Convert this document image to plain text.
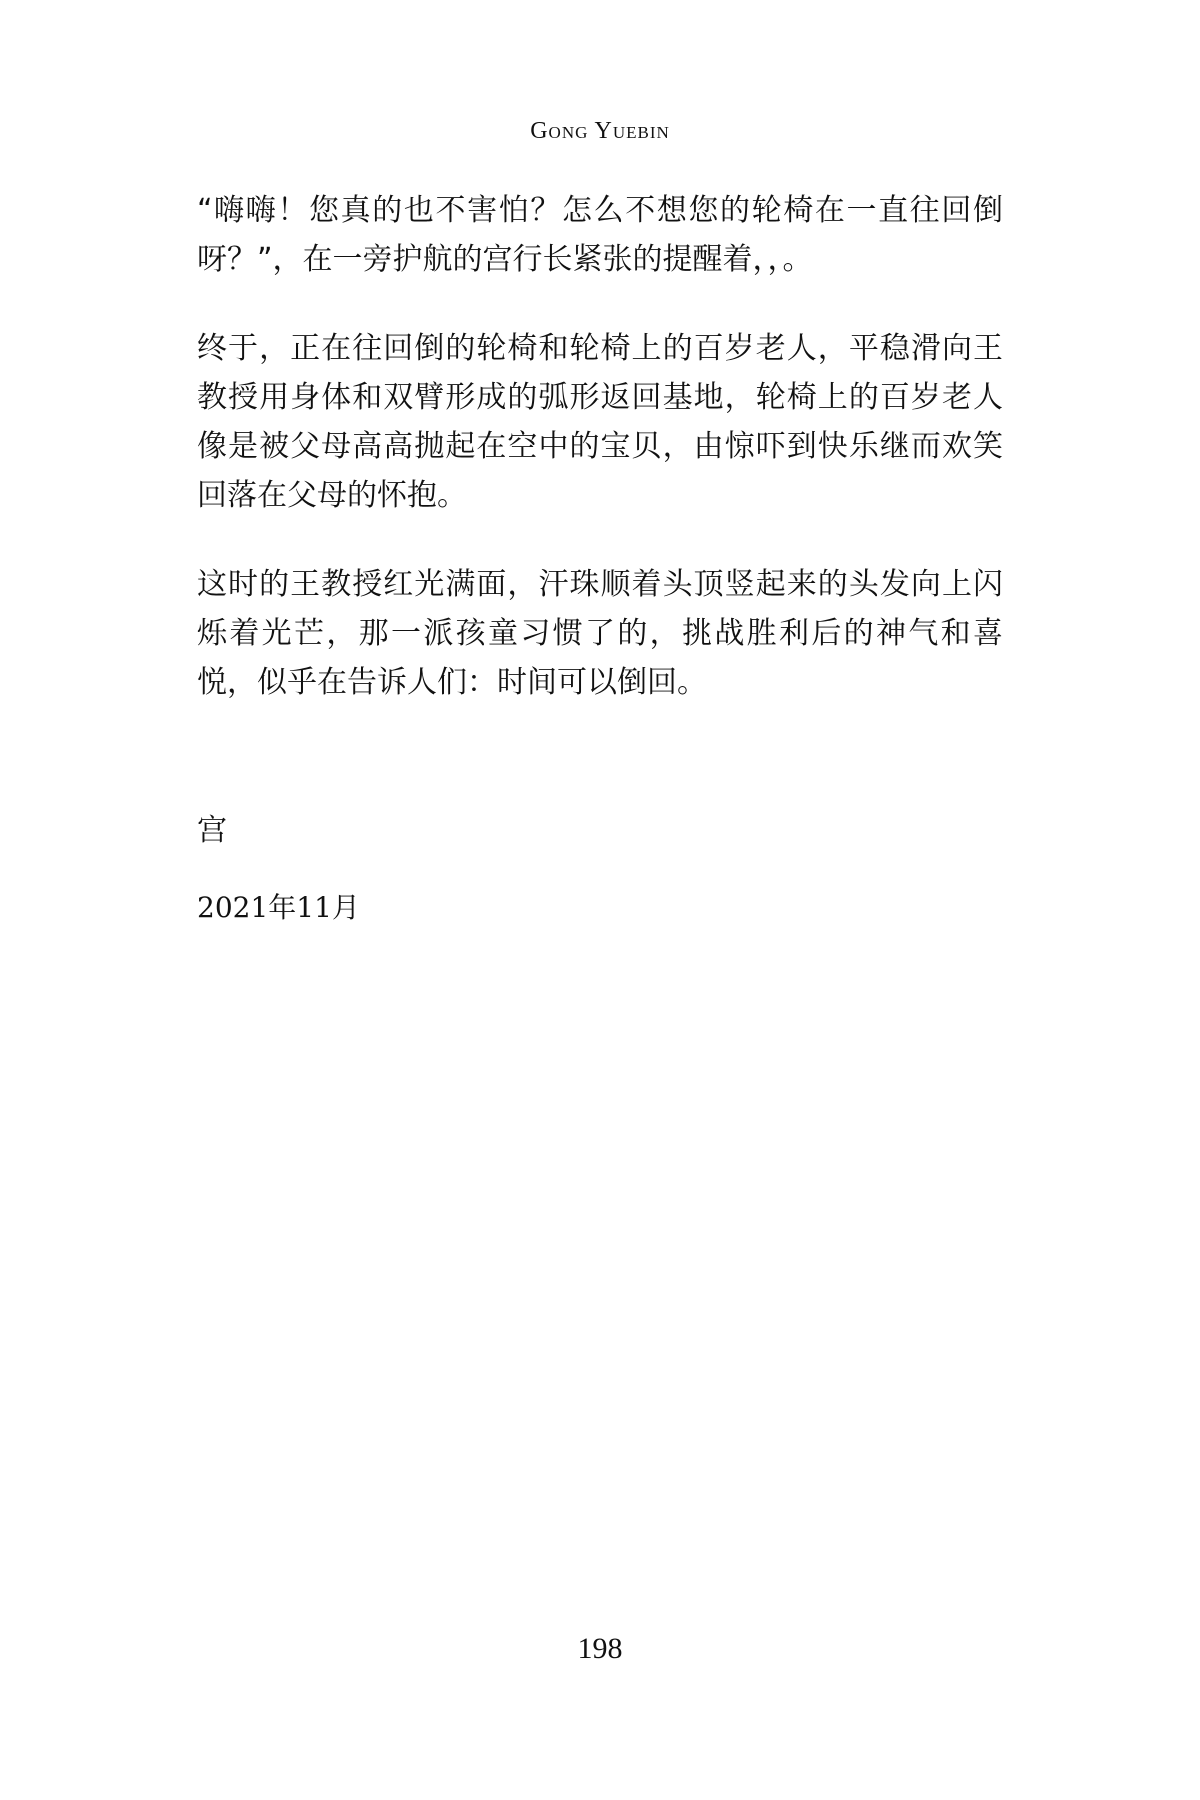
Gong Yuebin

“嗨嗨！您真的也不害怕？怎么不想您的轮椅在一直往回倒呀？”，在一旁护航的宫行长紧张的提醒着，，。

终于，正在往回倒的轮椅和轮椅上的百岁老人，平稳滑向王教授用身体和双臂形成的弧形返回基地，轮椅上的百岁老人像是被父母高高抛起在空中的宝贝，由惊吓到快乐继而欢笑回落在父母的怀抱。

这时的王教授红光满面，汗珠顺着头顶竖起来的头发向上闪烁着光芒，那一派孩童习惯了的，挑战胜利后的神气和喜悦，似乎在告诉人们：时间可以倒回。

宫
2021年11月
198
